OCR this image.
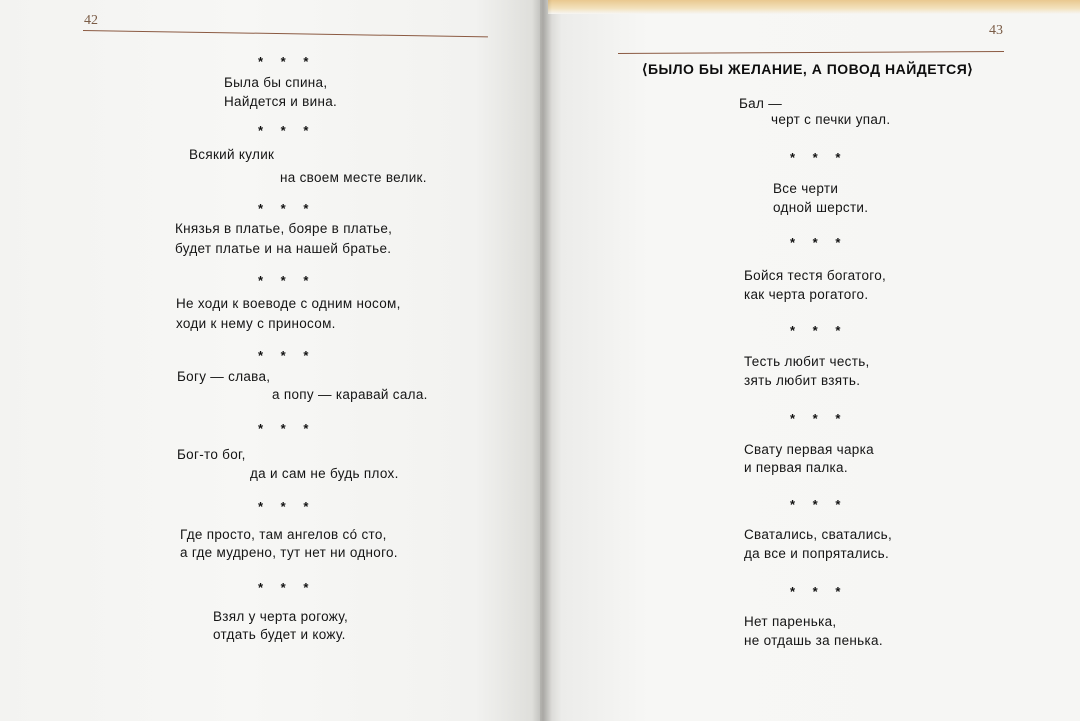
42
* * *
Была бы спина,
Найдется и вина.
* * *
Всякий кулик
на своем месте велик.
* * *
Князья в платье, бояре в платье,
будет платье и на нашей братье.
* * *
Не ходи к воеводе с одним носом,
ходи к нему с приносом.
* * *
Богу — слава,
а попу — каравай сала.
* * *
Бог-то бог,
да и сам не будь плох.
* * *
Где просто, там ангелов сó сто,
а где мудрено, тут нет ни одного.
* * *
Взял у черта рогожу,
отдать будет и кожу.
43
⟨БЫЛО БЫ ЖЕЛАНИЕ, А ПОВОД НАЙДЕТСЯ⟩
Бал —
черт с печки упал.
* * *
Все черти
одной шерсти.
* * *
Бойся тестя богатого,
как черта рогатого.
* * *
Тесть любит честь,
зять любит взять.
* * *
Свату первая чарка
и первая палка.
* * *
Сватались, сватались,
да все и попрятались.
* * *
Нет паренька,
не отдашь за пенька.
